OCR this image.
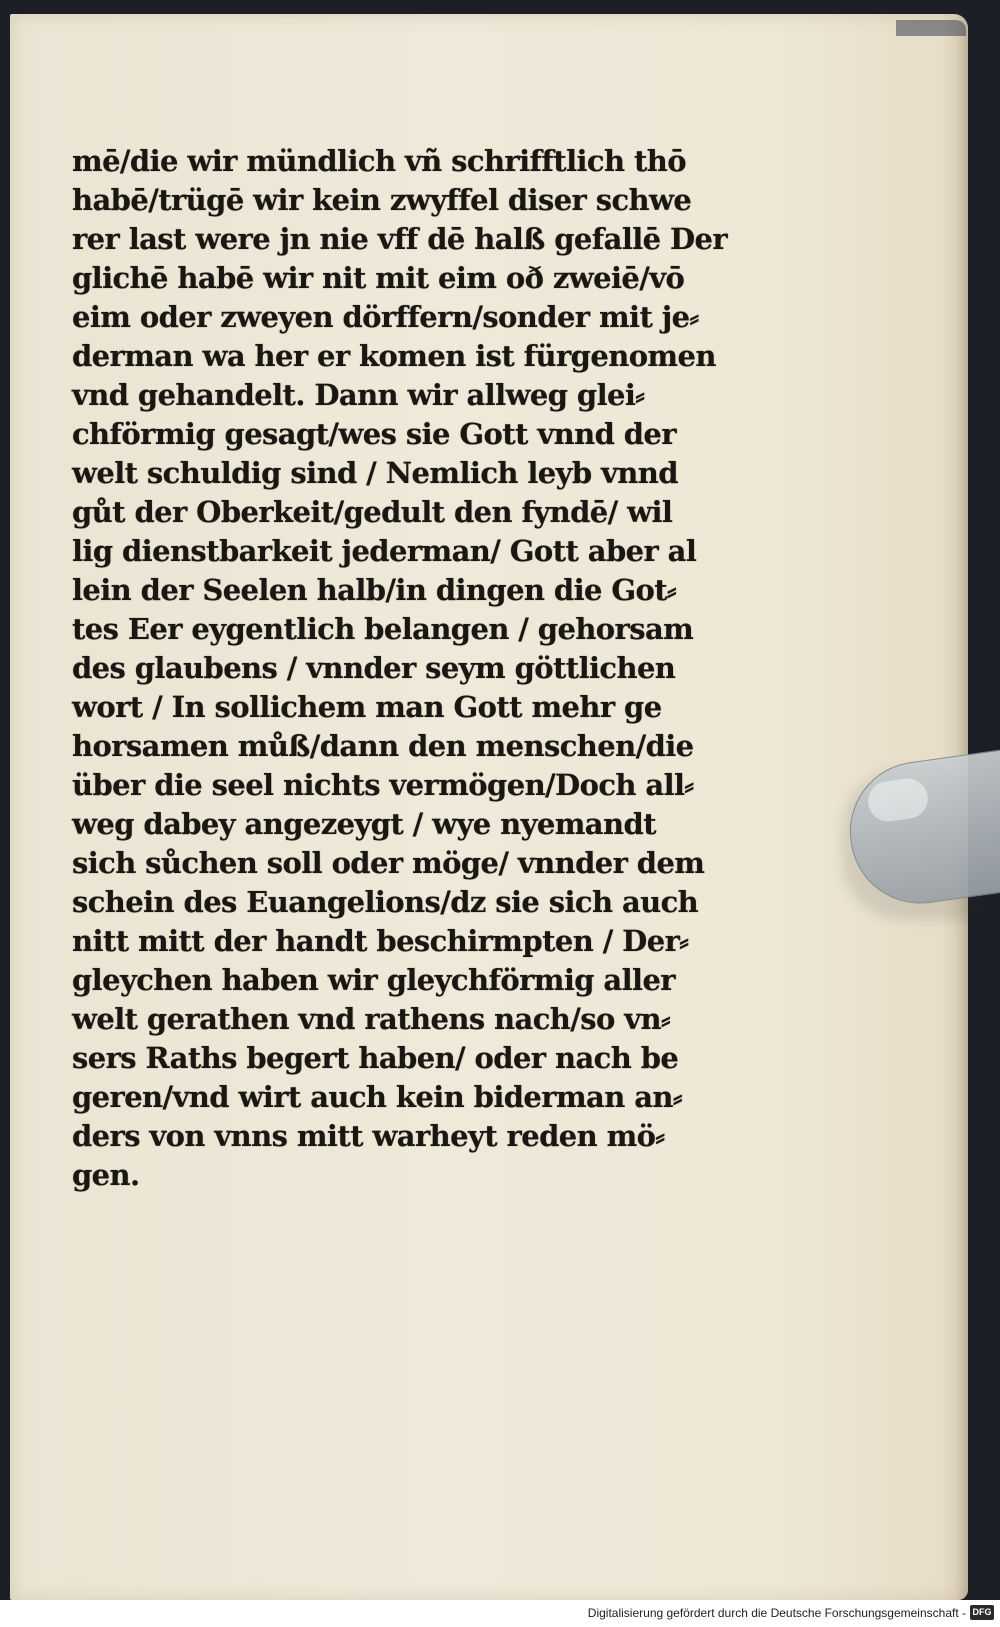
mē/die wir mündlich vñ schrifftlich thō
habē/trügē wir kein zwyffel diser schwe
rer last were jn nie vff dē halß gefallē Der
glichē habē wir nit mit eim oð zweiē/vō
eim oder zweyen dörffern/sonder mit je⸗
derman wa her er komen ist fürgenomen
vnd gehandelt. Dann wir allweg glei⸗
chförmig gesagt/wes sie Gott vnnd der
welt schuldig sind / Nemlich leyb vnnd
gůt der Oberkeit/gedult den fyndē/ wil
lig dienstbarkeit jederman/ Gott aber al
lein der Seelen halb/in dingen die Got⸗
tes Eer eygentlich belangen / gehorsam
des glaubens / vnnder seym göttlichen
wort / In sollichem man Gott mehr ge
horsamen můß/dann den menschen/die
über die seel nichts vermögen/Doch all⸗
weg dabey angezeygt / wye nyemandt
sich sůchen soll oder möge/ vnnder dem
schein des Euangelions/dz sie sich auch
nitt mitt der handt beschirmpten / Der⸗
gleychen haben wir gleychförmig aller
welt gerathen vnd rathens nach/so vn⸗
sers Raths begert haben/ oder nach be
geren/vnd wirt auch kein biderman an⸗
ders von vnns mitt warheyt reden mö⸗
gen.
Digitalisierung gefördert durch die Deutsche Forschungsgemeinschaft - DFG
